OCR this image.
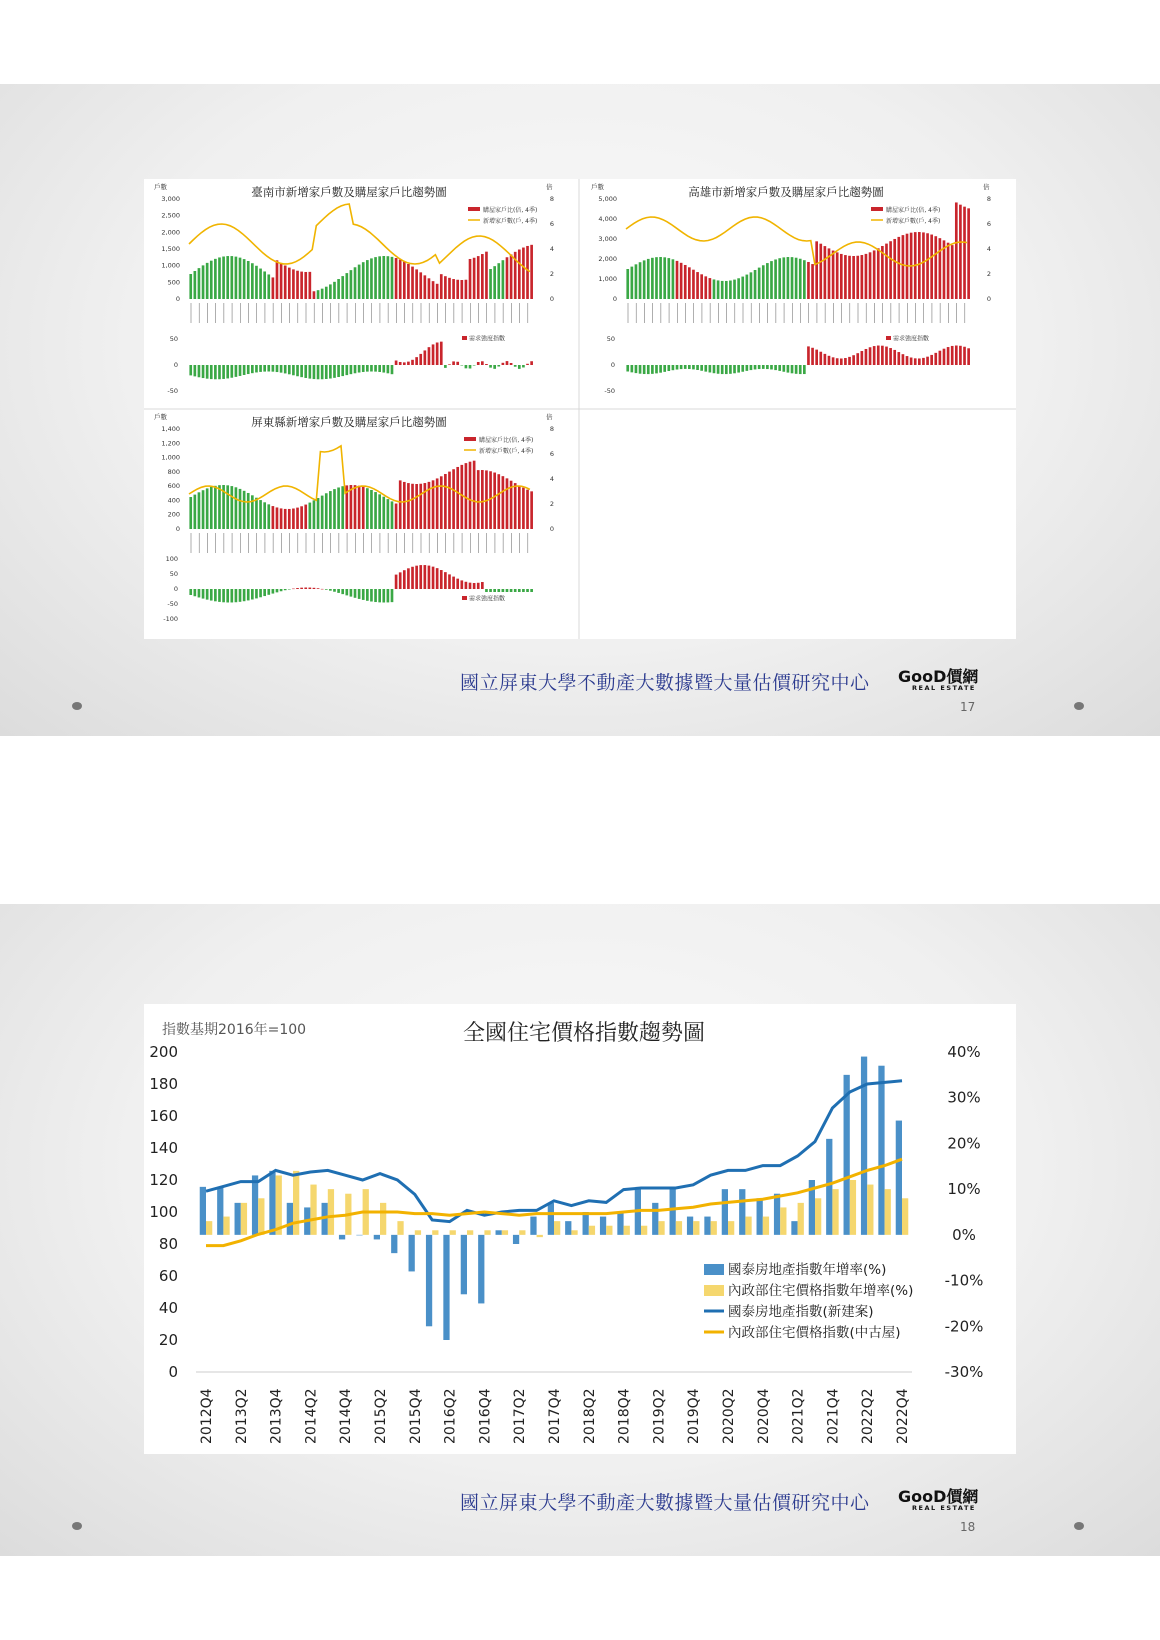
臺南市新增家戶數及購屋家戶比趨勢圖
戶數	倍
3,000
2,500
2,000
1,500
1,000
500
0
8
6
4
2
0
購屋家戶比(倍, 4季)
新增家戶數(戶, 4季)
50
0
-50
需求強度指數
高雄市新增家戶數及購屋家戶比趨勢圖
戶數	倍
5,000
4,000
3,000
2,000
1,000
0
8
6
4
2
0
購屋家戶比(倍, 4季)
新增家戶數(戶, 4季)
50
0
-50
需求強度指數
屏東縣新增家戶數及購屋家戶比趨勢圖
戶數	倍
1,400
1,200
1,000
800
600
400
200
0
8
6
4
2
0
購屋家戶比(倍, 4季)
新增家戶數(戶, 4季)
100
50
0
-50
-100
需求強度指數
國立屏東大學不動產大數據暨大量估價研究中心 GooD價網
REAL ESTATE
17
全國住宅價格指數趨勢圖
指數基期2016年=100
200
180
160
140
120
100
80
60
40
20
0
40%
30%
20%
10%
0%
-10%
-20%
-30%
2012Q4 2013Q2 2013Q4 2014Q2 2014Q4 2015Q2 2015Q4 2016Q2 2016Q4 2017Q2 2017Q4 2018Q2 2018Q4 2019Q2 2019Q4 2020Q2 2020Q4 2021Q2 2021Q4 2022Q2 2022Q4
國泰房地產指數年增率(%)
內政部住宅價格指數年增率(%)
國泰房地產指數(新建案)
內政部住宅價格指數(中古屋)
國立屏東大學不動產大數據暨大量估價研究中心 GooD價網
REAL ESTATE
18
